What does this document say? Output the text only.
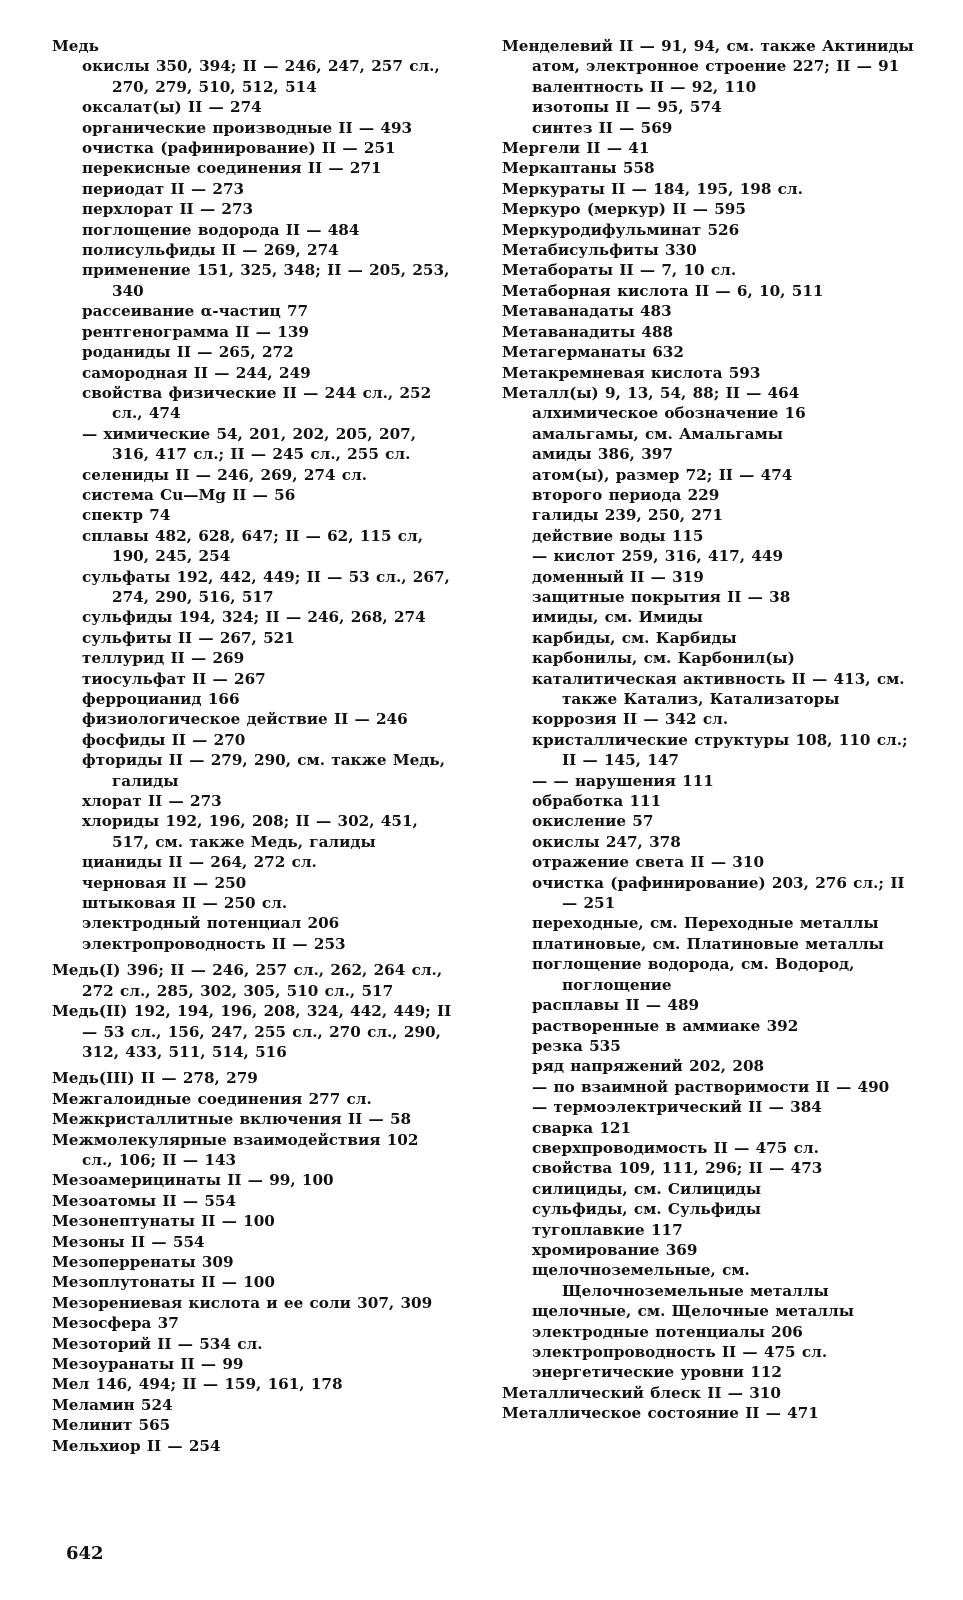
Медь
окислы 350, 394; II — 246, 247, 257 сл., 270, 279, 510, 512, 514
оксалат(ы) II — 274
органические производные II — 493
очистка (рафинирование) II — 251
перекисные соединения II — 271
периодат II — 273
перхлорат II — 273
поглощение водорода II — 484
полисульфиды II — 269, 274
применение 151, 325, 348; II — 205, 253, 340
рассеивание α-частиц 77
рентгенограмма II — 139
роданиды II — 265, 272
самородная II — 244, 249
свойства физические II — 244 сл., 252 сл., 474
— химические 54, 201, 202, 205, 207, 316, 417 сл.; II — 245 сл., 255 сл.
селениды II — 246, 269, 274 сл.
система Cu—Mg II — 56
спектр 74
сплавы 482, 628, 647; II — 62, 115 сл, 190, 245, 254
сульфаты 192, 442, 449; II — 53 сл., 267, 274, 290, 516, 517
сульфиды 194, 324; II — 246, 268, 274
сульфиты II — 267, 521
теллурид II — 269
тиосульфат II — 267
ферроцианид 166
физиологическое действие II — 246
фосфиды II — 270
фториды II — 279, 290, см. также Медь, галиды
хлорат II — 273
хлориды 192, 196, 208; II — 302, 451, 517, см. также Медь, галиды
цианиды II — 264, 272 сл.
черновая II — 250
штыковая II — 250 сл.
электродный потенциал 206
электропроводность II — 253
Медь(I) 396; II — 246, 257 сл., 262, 264 сл., 272 сл., 285, 302, 305, 510 сл., 517
Медь(II) 192, 194, 196, 208, 324, 442, 449; II — 53 сл., 156, 247, 255 сл., 270 сл., 290, 312, 433, 511, 514, 516
Медь(III) II — 278, 279
Межгалоидные соединения 277 сл.
Межкристаллитные включения II — 58
Межмолекулярные взаимодействия 102 сл., 106; II — 143
Мезоамерицинаты II — 99, 100
Мезоатомы II — 554
Мезонептунаты II — 100
Мезоны II — 554
Мезоперренаты 309
Мезоплутонаты II — 100
Мезорениевая кислота и ее соли 307, 309
Мезосфера 37
Мезоторий II — 534 сл.
Мезоуранаты II — 99
Мел 146, 494; II — 159, 161, 178
Меламин 524
Мелинит 565
Мельхиор II — 254
Менделевий II — 91, 94, см. также Актиниды
атом, электронное строение 227; II — 91
валентность II — 92, 110
изотопы II — 95, 574
синтез II — 569
Мергели II — 41
Меркаптаны 558
Меркураты II — 184, 195, 198 сл.
Меркуро (меркур) II — 595
Меркуродифульминат 526
Метабисульфиты 330
Метабораты II — 7, 10 сл.
Метаборная кислота II — 6, 10, 511
Метаванадаты 483
Метаванадиты 488
Метагерманаты 632
Метакремневая кислота 593
Металл(ы) 9, 13, 54, 88; II — 464
алхимическое обозначение 16
амальгамы, см. Амальгамы
амиды 386, 397
атом(ы), размер 72; II — 474
второго периода 229
галиды 239, 250, 271
действие воды 115
— кислот 259, 316, 417, 449
доменный II — 319
защитные покрытия II — 38
имиды, см. Имиды
карбиды, см. Карбиды
карбонилы, см. Карбонил(ы)
каталитическая активность II — 413, см. также Катализ, Катализаторы
коррозия II — 342 сл.
кристаллические структуры 108, 110 сл.; II — 145, 147
— — нарушения 111
обработка 111
окисление 57
окислы 247, 378
отражение света II — 310
очистка (рафинирование) 203, 276 сл.; II — 251
переходные, см. Переходные металлы
платиновые, см. Платиновые металлы
поглощение водорода, см. Водород, поглощение
расплавы II — 489
растворенные в аммиаке 392
резка 535
ряд напряжений 202, 208
— по взаимной растворимости II — 490
— термоэлектрический II — 384
сварка 121
сверхпроводимость II — 475 сл.
свойства 109, 111, 296; II — 473
силициды, см. Силициды
сульфиды, см. Сульфиды
тугоплавкие 117
хромирование 369
щелочноземельные, см. Щелочноземельные металлы
щелочные, см. Щелочные металлы
электродные потенциалы 206
электропроводность II — 475 сл.
энергетические уровни 112
Металлический блеск II — 310
Металлическое состояние II — 471
642
